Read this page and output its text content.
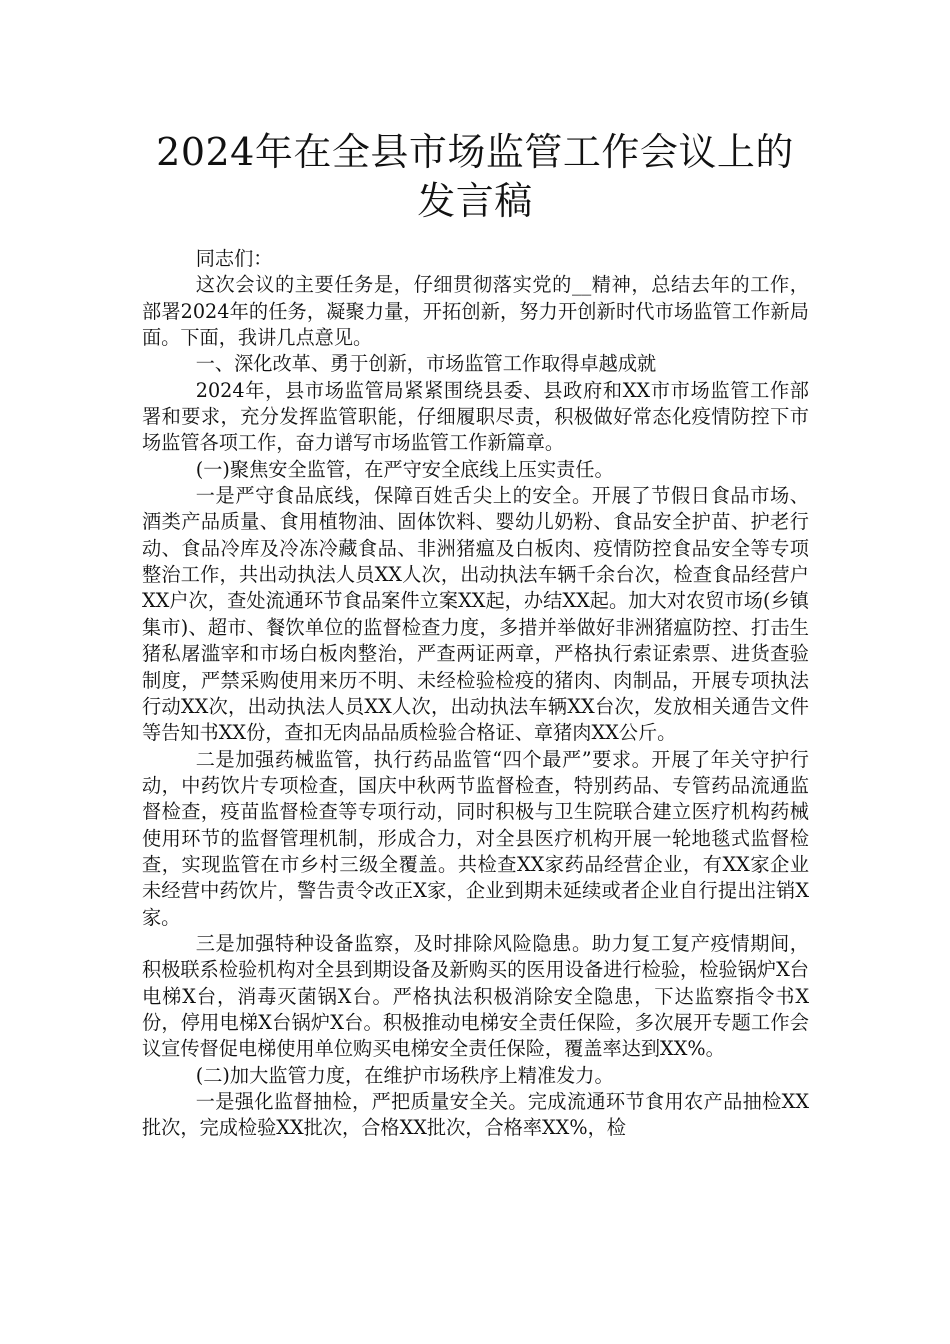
2024年在全县市场监管工作会议上的发言稿

同志们：

这次会议的主要任务是，仔细贯彻落实党的__精神，总结去年的工作，部署2024年的任务，凝聚力量，开拓创新，努力开创新时代市场监管工作新局面。下面，我讲几点意见。

一、深化改革、勇于创新，市场监管工作取得卓越成就

2024年，县市场监管局紧紧围绕县委、县政府和XX市市场监管工作部署和要求，充分发挥监管职能，仔细履职尽责，积极做好常态化疫情防控下市场监管各项工作，奋力谱写市场监管工作新篇章。

(一)聚焦安全监管，在严守安全底线上压实责任。

一是严守食品底线，保障百姓舌尖上的安全。开展了节假日食品市场、酒类产品质量、食用植物油、固体饮料、婴幼儿奶粉、食品安全护苗、护老行动、食品冷库及冷冻冷藏食品、非洲猪瘟及白板肉、疫情防控食品安全等专项整治工作，共出动执法人员XX人次，出动执法车辆千余台次，检查食品经营户XX户次，查处流通环节食品案件立案XX起，办结XX起。加大对农贸市场(乡镇集市)、超市、餐饮单位的监督检查力度，多措并举做好非洲猪瘟防控、打击生猪私屠滥宰和市场白板肉整治，严查两证两章，严格执行索证索票、进货查验制度，严禁采购使用来历不明、未经检验检疫的猪肉、肉制品，开展专项执法行动XX次，出动执法人员XX人次，出动执法车辆XX台次，发放相关通告文件等告知书XX份，查扣无肉品品质检验合格证、章猪肉XX公斤。

二是加强药械监管，执行药品监管“四个最严”要求。开展了年关守护行动，中药饮片专项检查，国庆中秋两节监督检查，特别药品、专管药品流通监督检查，疫苗监督检查等专项行动，同时积极与卫生院联合建立医疗机构药械使用环节的监督管理机制，形成合力，对全县医疗机构开展一轮地毯式监督检查，实现监管在市乡村三级全覆盖。共检查XX家药品经营企业，有XX家企业未经营中药饮片，警告责令改正X家，企业到期未延续或者企业自行提出注销X家。

三是加强特种设备监察，及时排除风险隐患。助力复工复产疫情期间，积极联系检验机构对全县到期设备及新购买的医用设备进行检验，检验锅炉X台电梯X台，消毒灭菌锅X台。严格执法积极消除安全隐患，下达监察指令书X份，停用电梯X台锅炉X台。积极推动电梯安全责任保险，多次展开专题工作会议宣传督促电梯使用单位购买电梯安全责任保险，覆盖率达到XX%。

(二)加大监管力度，在维护市场秩序上精准发力。

一是强化监督抽检，严把质量安全关。完成流通环节食用农产品抽检XX批次，完成检验XX批次，合格XX批次，合格率XX%，检
